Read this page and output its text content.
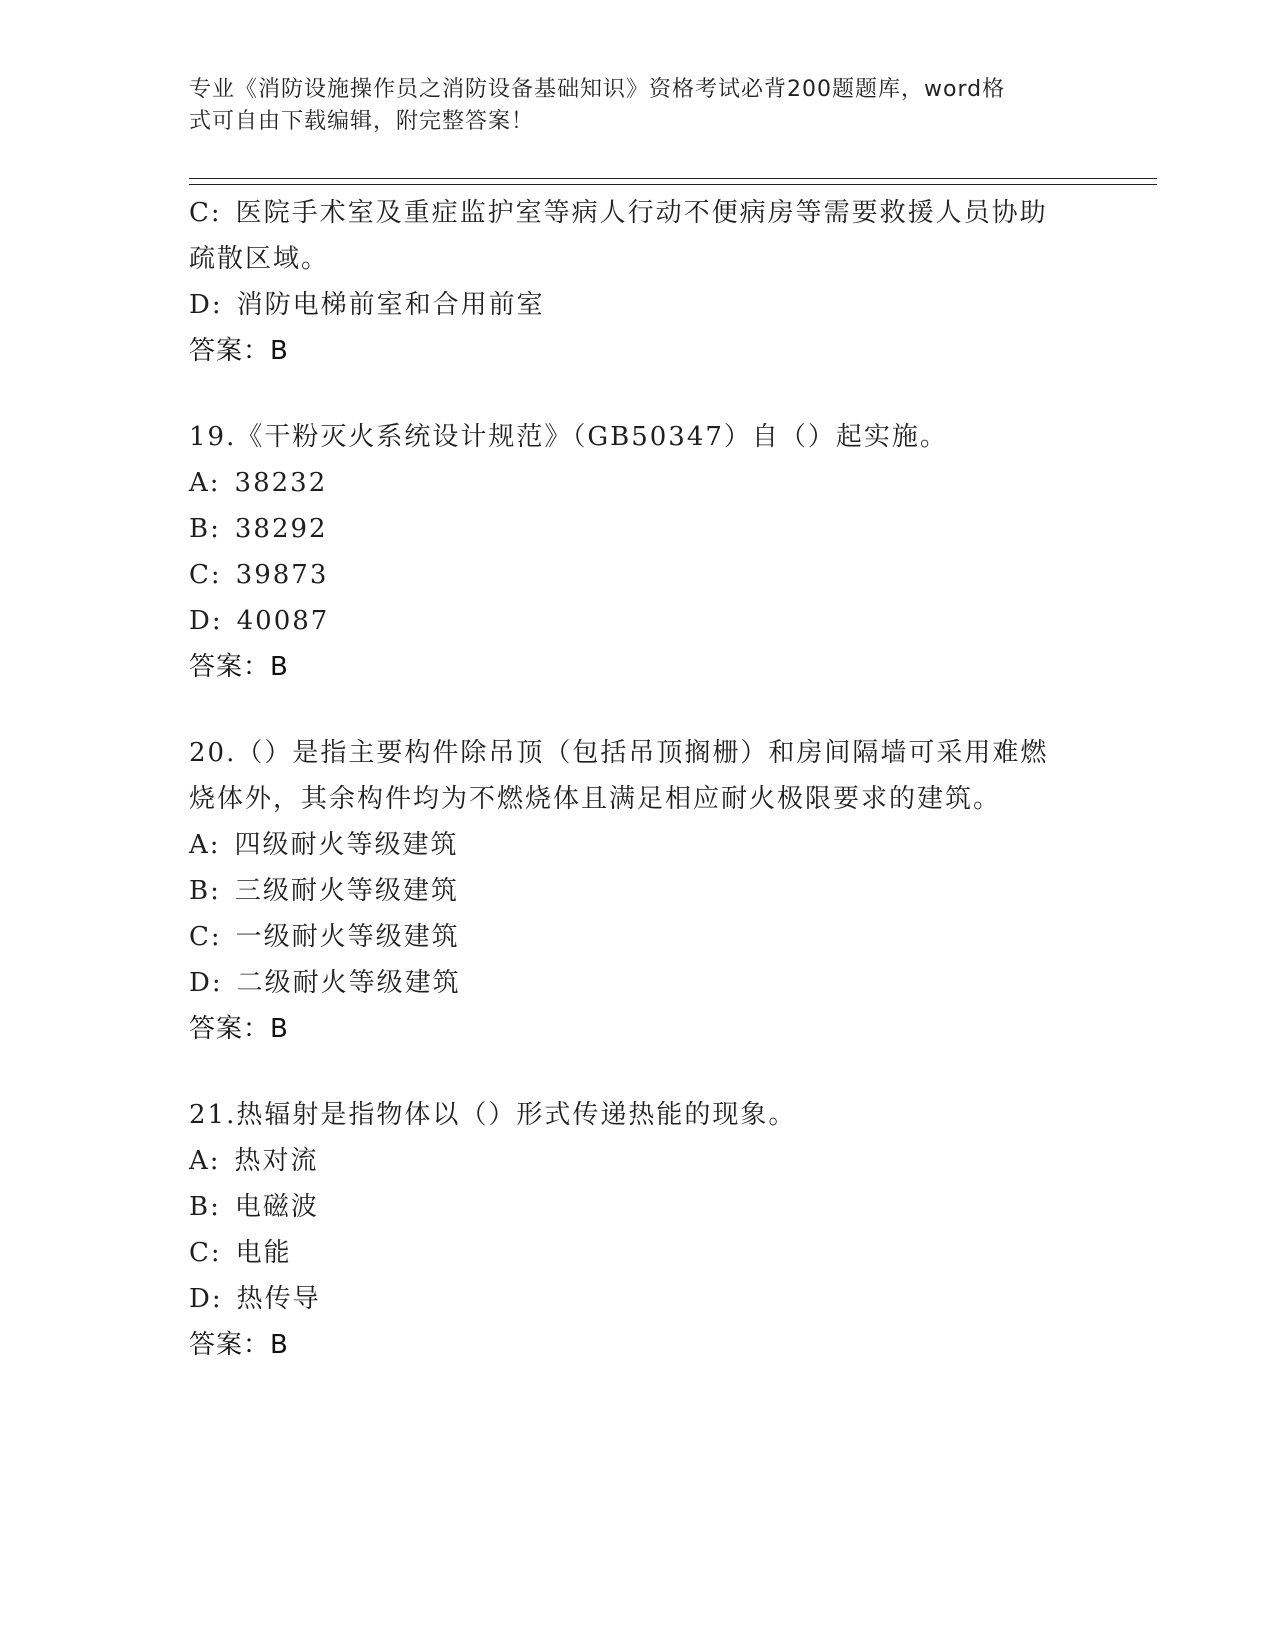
专业《消防设施操作员之消防设备基础知识》资格考试必背200题题库，word格
式可自由下载编辑，附完整答案！
C: 医院手术室及重症监护室等病人行动不便病房等需要救援人员协助
疏散区域。
D: 消防电梯前室和合用前室
答案：B
19.《干粉灭火系统设计规范》（GB50347）自（）起实施。
A: 38232
B: 38292
C: 39873
D: 40087
答案：B
20.（）是指主要构件除吊顶（包括吊顶搁栅）和房间隔墙可采用难燃
烧体外，其余构件均为不燃烧体且满足相应耐火极限要求的建筑。
A: 四级耐火等级建筑
B: 三级耐火等级建筑
C: 一级耐火等级建筑
D: 二级耐火等级建筑
答案：B
21.热辐射是指物体以（）形式传递热能的现象。
A: 热对流
B: 电磁波
C: 电能
D: 热传导
答案：B
